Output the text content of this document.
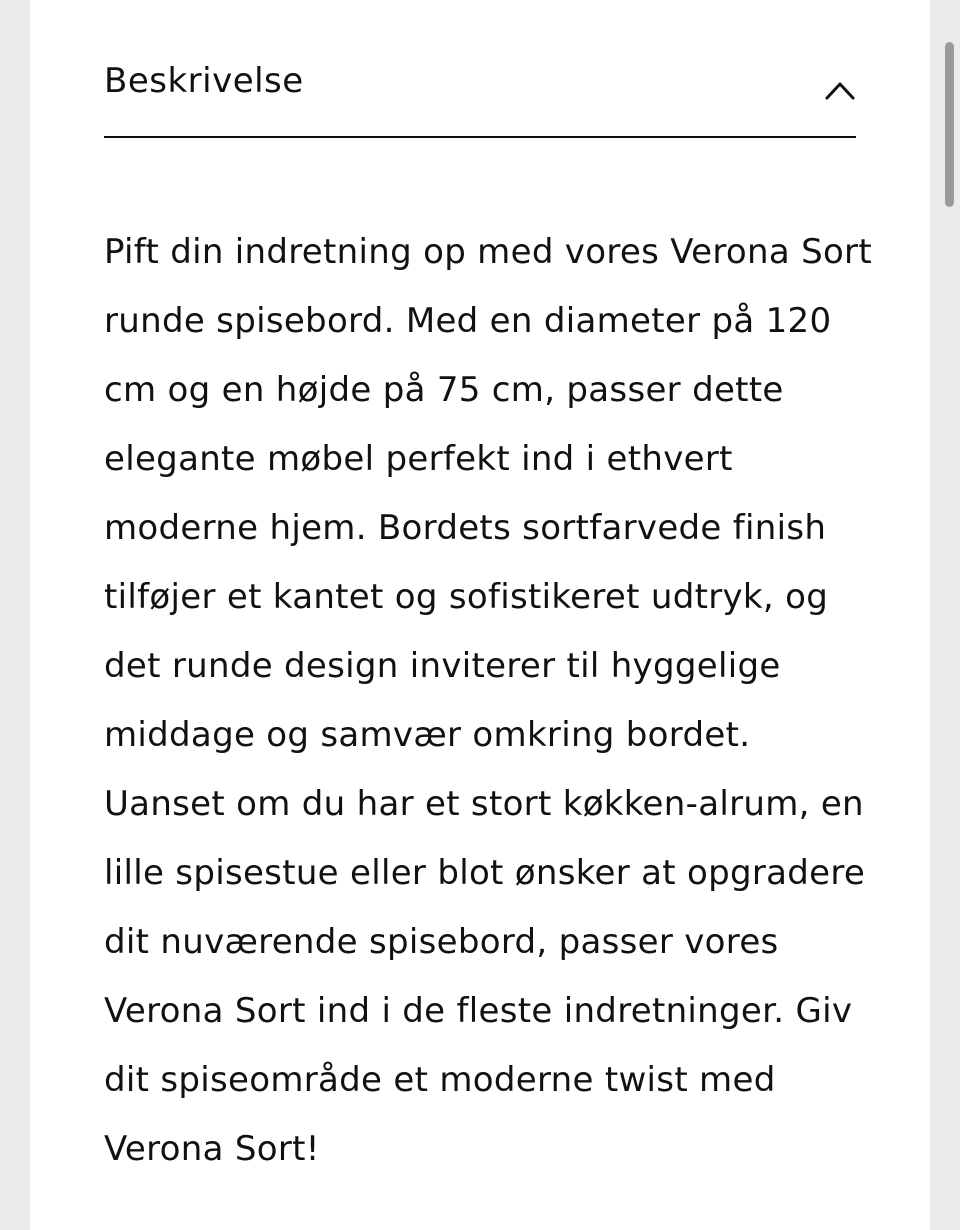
Beskrivelse

Pift din indretning op med vores Verona Sort runde spisebord. Med en diameter på 120 cm og en højde på 75 cm, passer dette elegante møbel perfekt ind i ethvert moderne hjem. Bordets sortfarvede finish tilføjer et kantet og sofistikeret udtryk, og det runde design inviterer til hyggelige middage og samvær omkring bordet. Uanset om du har et stort køkken-alrum, en lille spisestue eller blot ønsker at opgradere dit nuværende spisebord, passer vores Verona Sort ind i de fleste indretninger. Giv dit spiseområde et moderne twist med Verona Sort!
